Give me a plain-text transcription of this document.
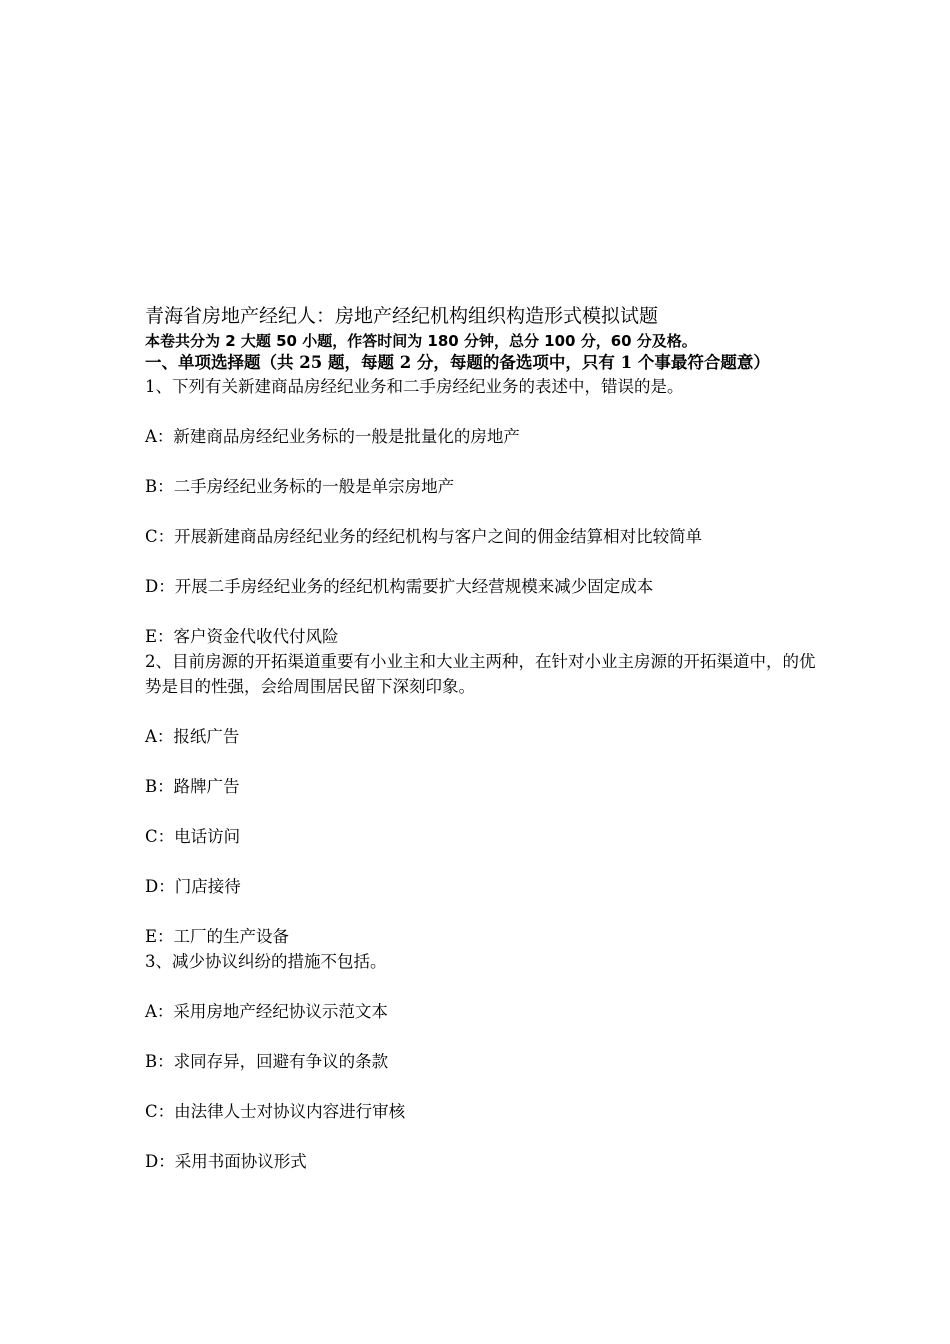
青海省房地产经纪人：房地产经纪机构组织构造形式模拟试题
本卷共分为 2 大题 50 小题，作答时间为 180 分钟，总分 100 分，60 分及格。
一、单项选择题（共 25 题，每题 2 分，每题的备选项中，只有 1 个事最符合题意）
1、下列有关新建商品房经纪业务和二手房经纪业务的表述中，错误的是。
A：新建商品房经纪业务标的一般是批量化的房地产
B：二手房经纪业务标的一般是单宗房地产
C：开展新建商品房经纪业务的经纪机构与客户之间的佣金结算相对比较简单
D：开展二手房经纪业务的经纪机构需要扩大经营规模来减少固定成本
E：客户资金代收代付风险
2、目前房源的开拓渠道重要有小业主和大业主两种，在针对小业主房源的开拓渠道中，的优势是目的性强，会给周围居民留下深刻印象。
A：报纸广告
B：路牌广告
C：电话访问
D：门店接待
E：工厂的生产设备
3、减少协议纠纷的措施不包括。
A：采用房地产经纪协议示范文本
B：求同存异，回避有争议的条款
C：由法律人士对协议内容进行审核
D：采用书面协议形式
